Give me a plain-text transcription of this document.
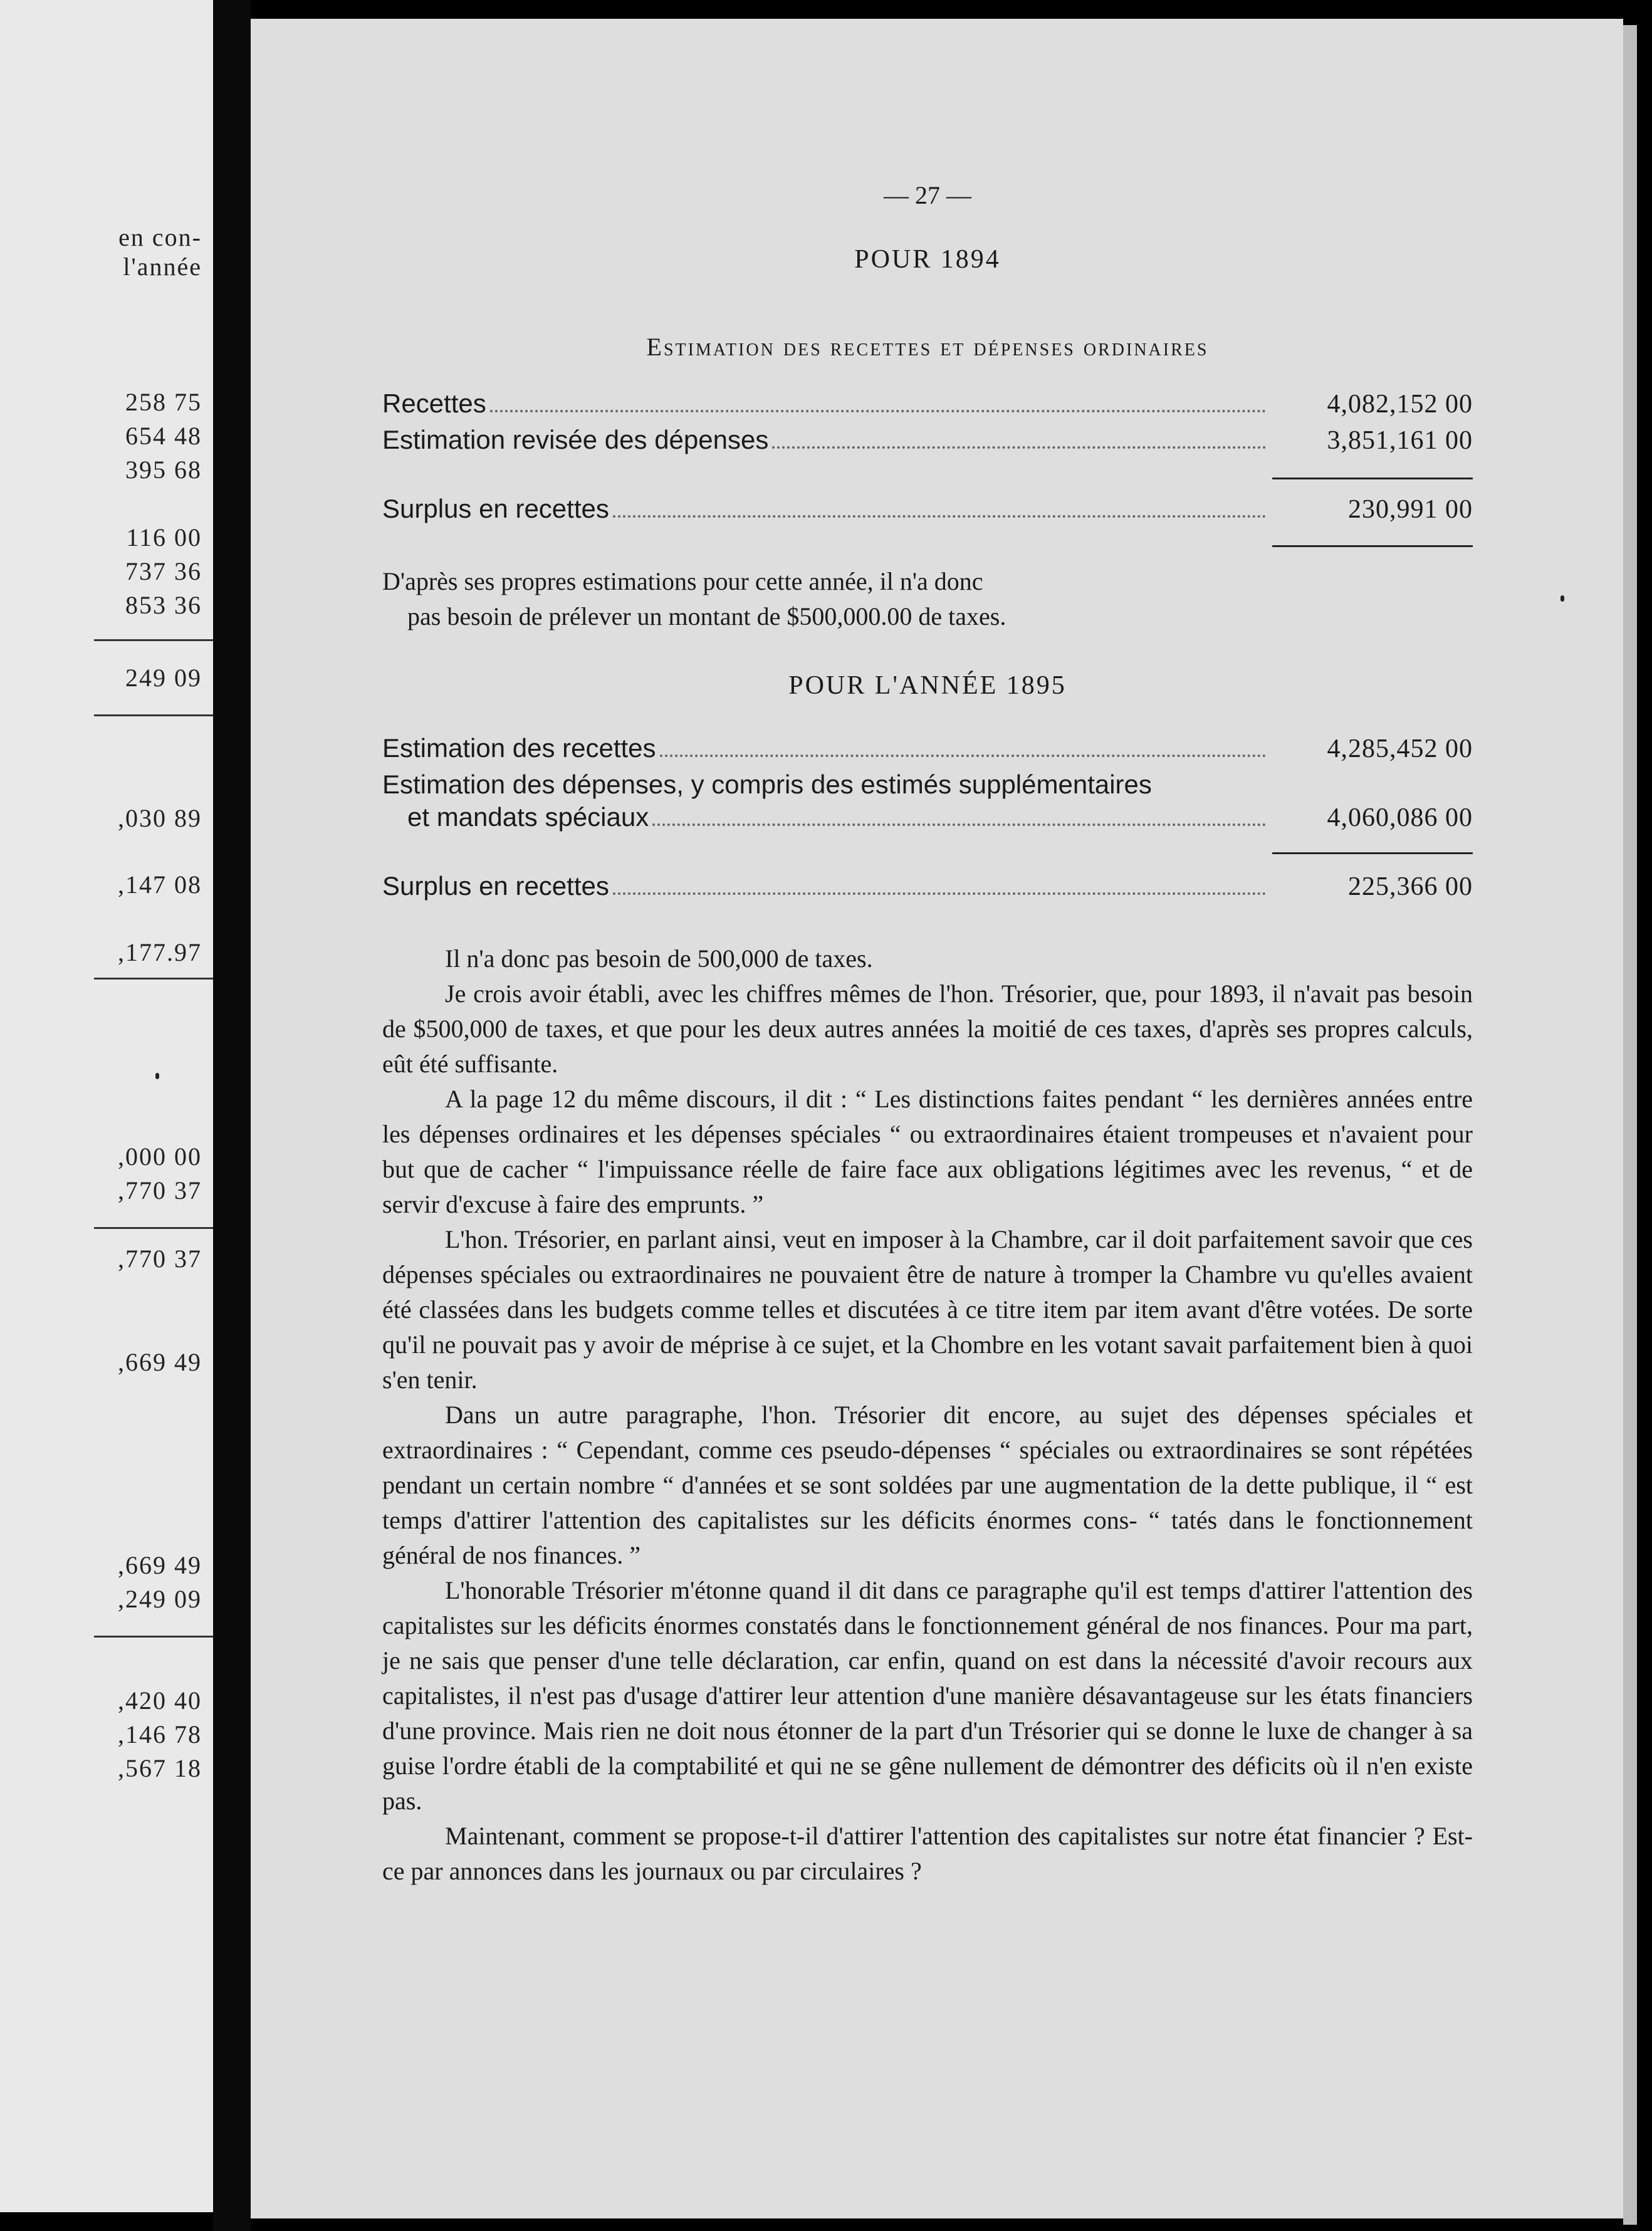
en con-
l'année
258 75
654 48
395 68
116 00
737 36
853 36
249 09
,030 89
,147 08
,177.97
,000 00
,770 37
,770 37
,669 49
,669 49
,249 09
,420 40
,146 78
,567 18
— 27 —
POUR 1894
Estimation des recettes et dépenses ordinaires
Recettes	4,082,152 00
Estimation revisée des dépenses	3,851,161 00
Surplus en recettes	230,991 00

D'après ses propres estimations pour cette année, il n'a donc

pas besoin de prélever un montant de $500,000.00 de taxes.

POUR L'ANNÉE 1895
Estimation des recettes	4,285,452 00
Estimation des dépenses, y compris des estimés supplémentaires
et mandats spéciaux	4,060,086 00
Surplus en recettes	225,366 00

Il n'a donc pas besoin de 500,000 de taxes.

Je crois avoir établi, avec les chiffres mêmes de l'hon. Trésorier, que, pour 1893, il n'avait pas besoin de $500,000 de taxes, et que pour les deux autres années la moitié de ces taxes, d'après ses propres calculs, eût été suffisante.

A la page 12 du même discours, il dit : “ Les distinctions faites pendant “ les dernières années entre les dépenses ordinaires et les dépenses spéciales “ ou extraordinaires étaient trompeuses et n'avaient pour but que de cacher “ l'impuissance réelle de faire face aux obligations légitimes avec les revenus, “ et de servir d'excuse à faire des emprunts. ”

L'hon. Trésorier, en parlant ainsi, veut en imposer à la Chambre, car il doit parfaitement savoir que ces dépenses spéciales ou extraordinaires ne pouvaient être de nature à tromper la Chambre vu qu'elles avaient été classées dans les budgets comme telles et discutées à ce titre item par item avant d'être votées. De sorte qu'il ne pouvait pas y avoir de méprise à ce sujet, et la Chombre en les votant savait parfaitement bien à quoi s'en tenir.

Dans un autre paragraphe, l'hon. Trésorier dit encore, au sujet des dépenses spéciales et extraordinaires : “ Cependant, comme ces pseudo-dépenses “ spéciales ou extraordinaires se sont répétées pendant un certain nombre “ d'années et se sont soldées par une augmentation de la dette publique, il “ est temps d'attirer l'attention des capitalistes sur les déficits énormes cons- “ tatés dans le fonctionnement général de nos finances. ”

L'honorable Trésorier m'étonne quand il dit dans ce paragraphe qu'il est temps d'attirer l'attention des capitalistes sur les déficits énormes constatés dans le fonctionnement général de nos finances. Pour ma part, je ne sais que penser d'une telle déclaration, car enfin, quand on est dans la nécessité d'avoir recours aux capitalistes, il n'est pas d'usage d'attirer leur attention d'une manière désavantageuse sur les états financiers d'une province. Mais rien ne doit nous étonner de la part d'un Trésorier qui se donne le luxe de changer à sa guise l'ordre établi de la comptabilité et qui ne se gêne nullement de démontrer des déficits où il n'en existe pas.

Maintenant, comment se propose-t-il d'attirer l'attention des capitalistes sur notre état financier ? Est-ce par annonces dans les journaux ou par circulaires ?
